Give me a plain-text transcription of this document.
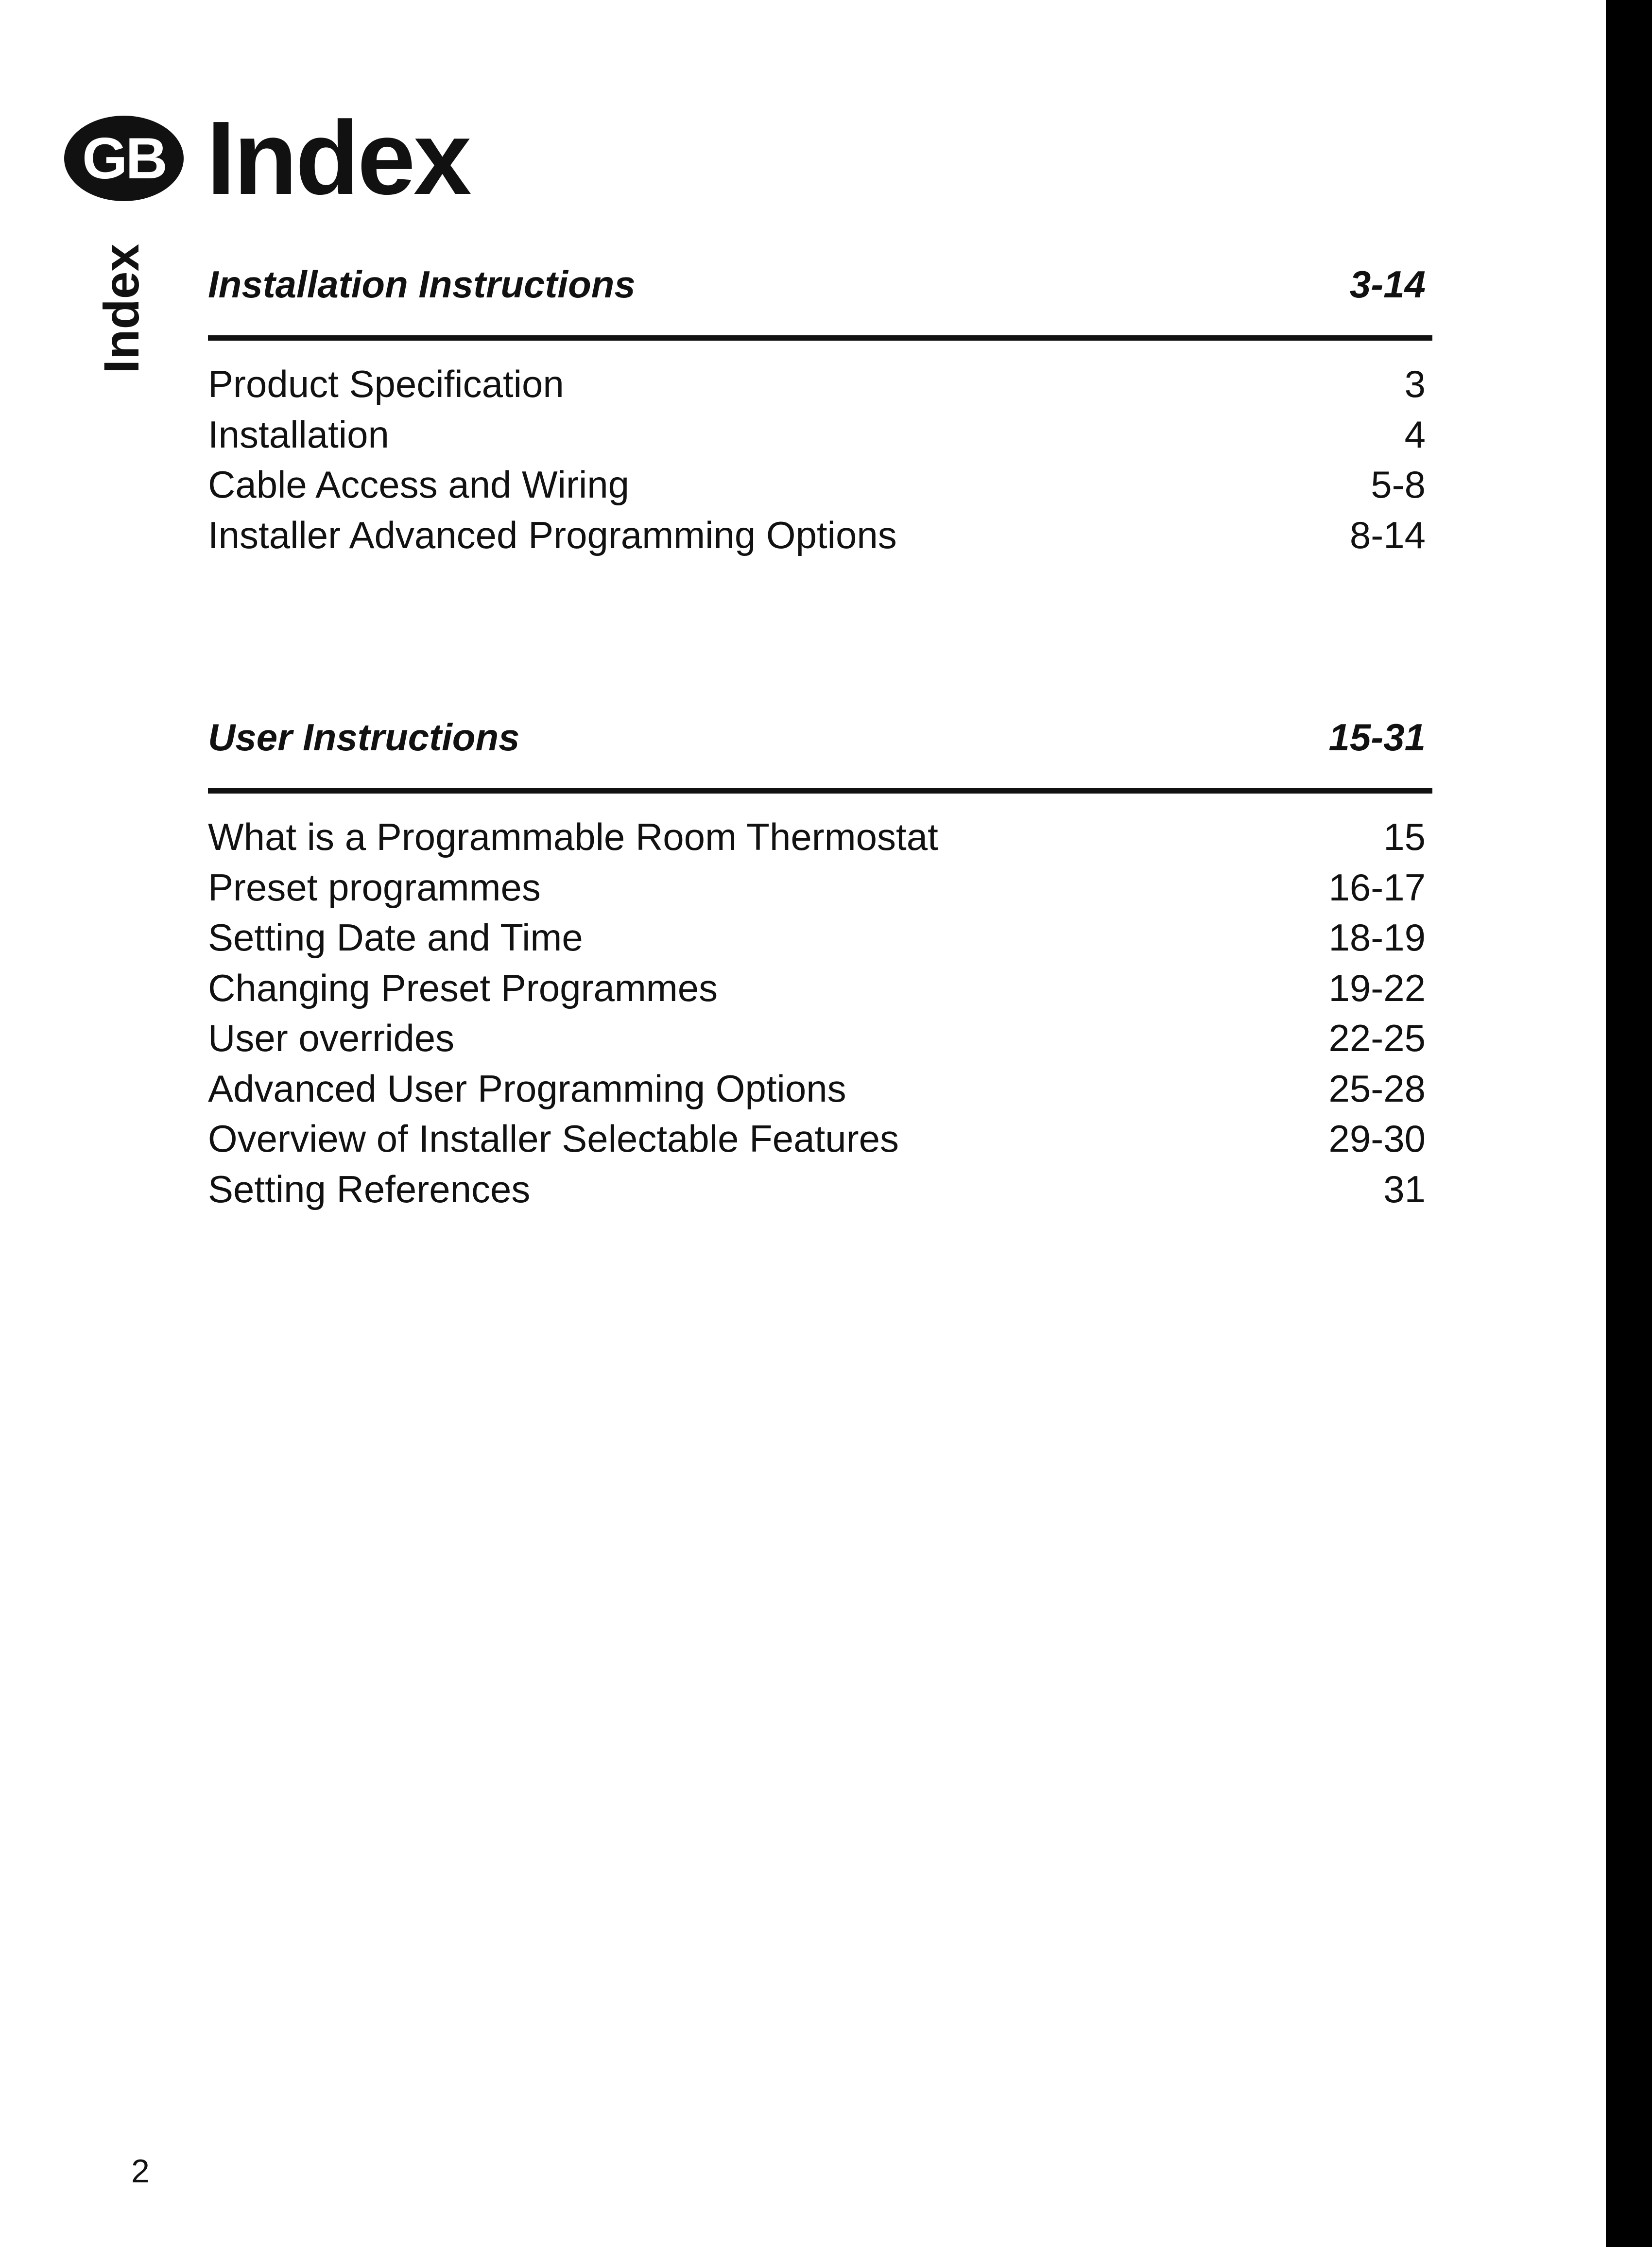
GB Index
Index Installation Instructions	3-14
Product Specification	3
Installation	4
Cable Access and Wiring	5-8
Installer Advanced Programming Options	8-14
User Instructions	15-31
What is a Programmable Room Thermostat	15
Preset programmes	16-17
Setting Date and Time	18-19
Changing Preset Programmes	19-22
User overrides	22-25
Advanced User Programming Options	25-28
Overview of Installer Selectable Features	29-30
Setting References	31
2
